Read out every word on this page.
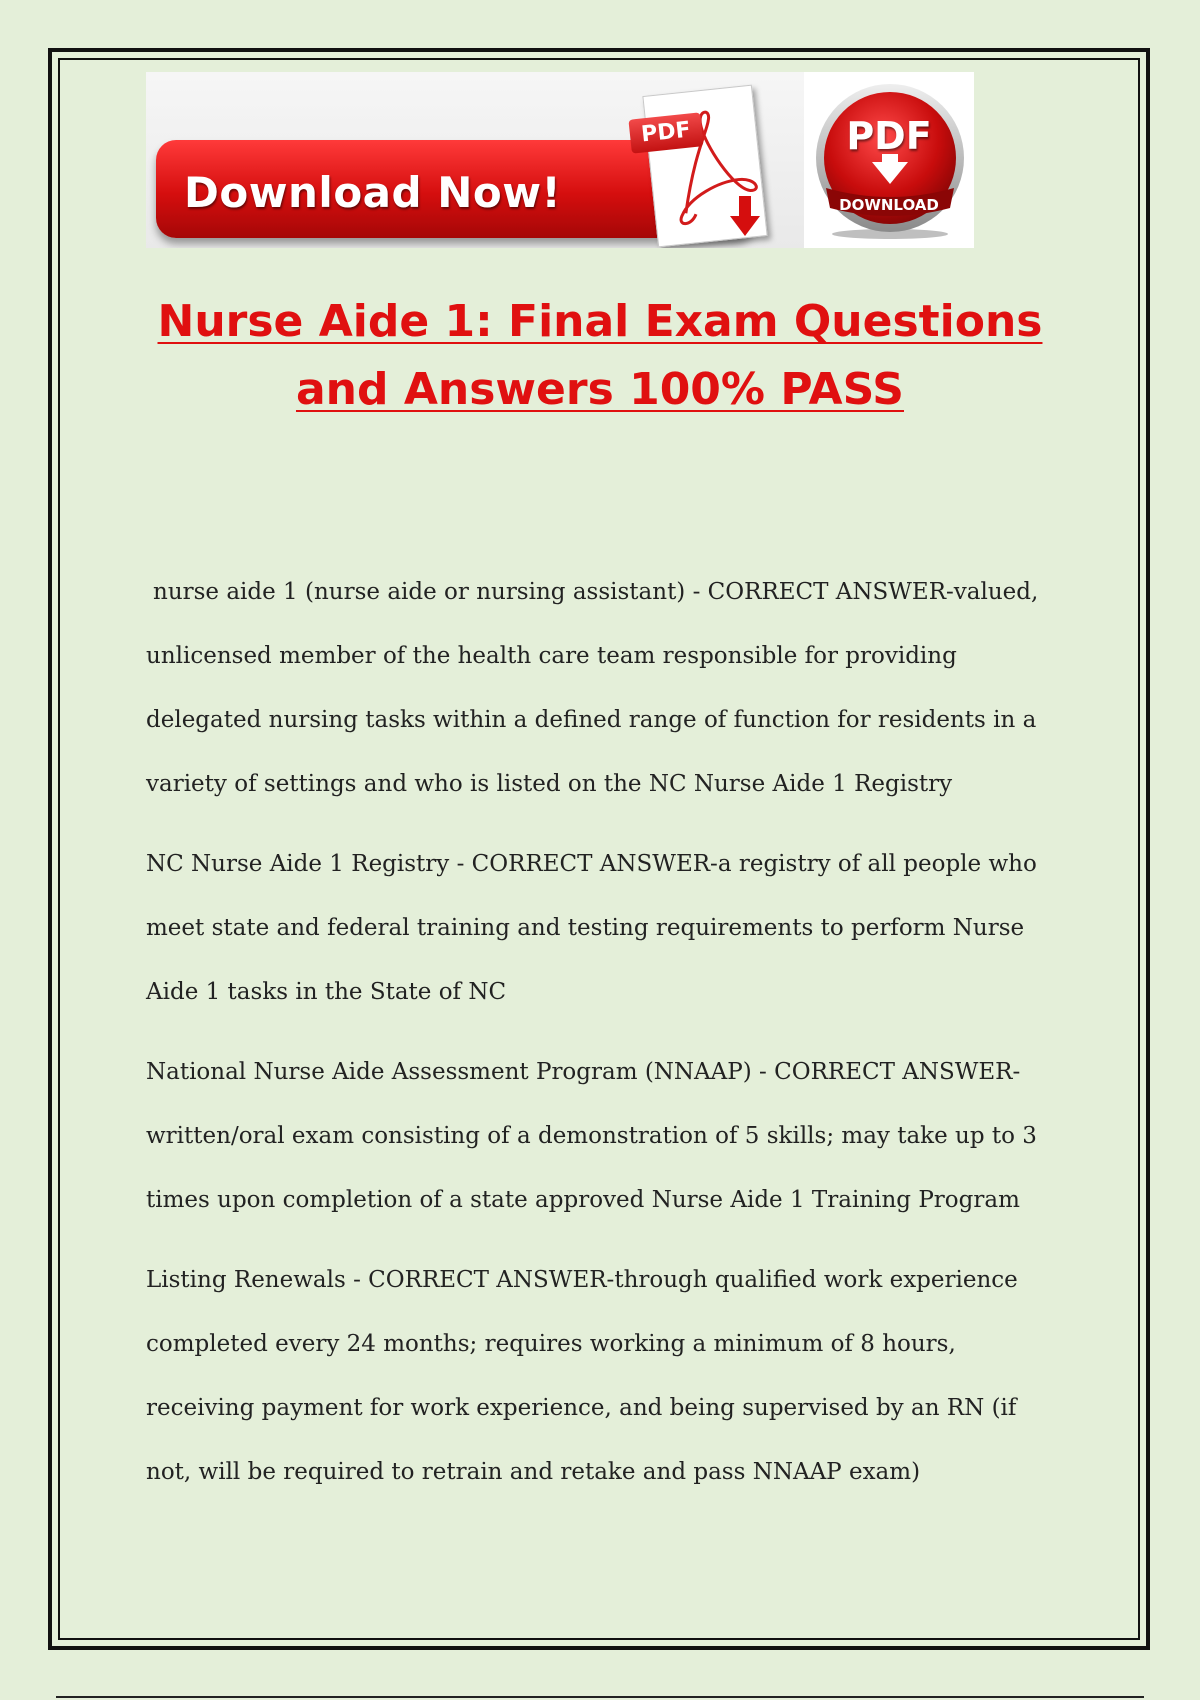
Download Now!
PDF	PDF
DOWNLOAD
Nurse Aide 1: Final Exam Questions and Answers 100% PASS

nurse aide 1 (nurse aide or nursing assistant) - CORRECT ANSWER-valued, unlicensed member of the health care team responsible for providing delegated nursing tasks within a defined range of function for residents in a variety of settings and who is listed on the NC Nurse Aide 1 Registry

NC Nurse Aide 1 Registry - CORRECT ANSWER-a registry of all people who meet state and federal training and testing requirements to perform Nurse Aide 1 tasks in the State of NC

National Nurse Aide Assessment Program (NNAAP) - CORRECT ANSWER-written/oral exam consisting of a demonstration of 5 skills; may take up to 3 times upon completion of a state approved Nurse Aide 1 Training Program

Listing Renewals - CORRECT ANSWER-through qualified work experience completed every 24 months; requires working a minimum of 8 hours, receiving payment for work experience, and being supervised by an RN (if not, will be required to retrain and retake and pass NNAAP exam)
